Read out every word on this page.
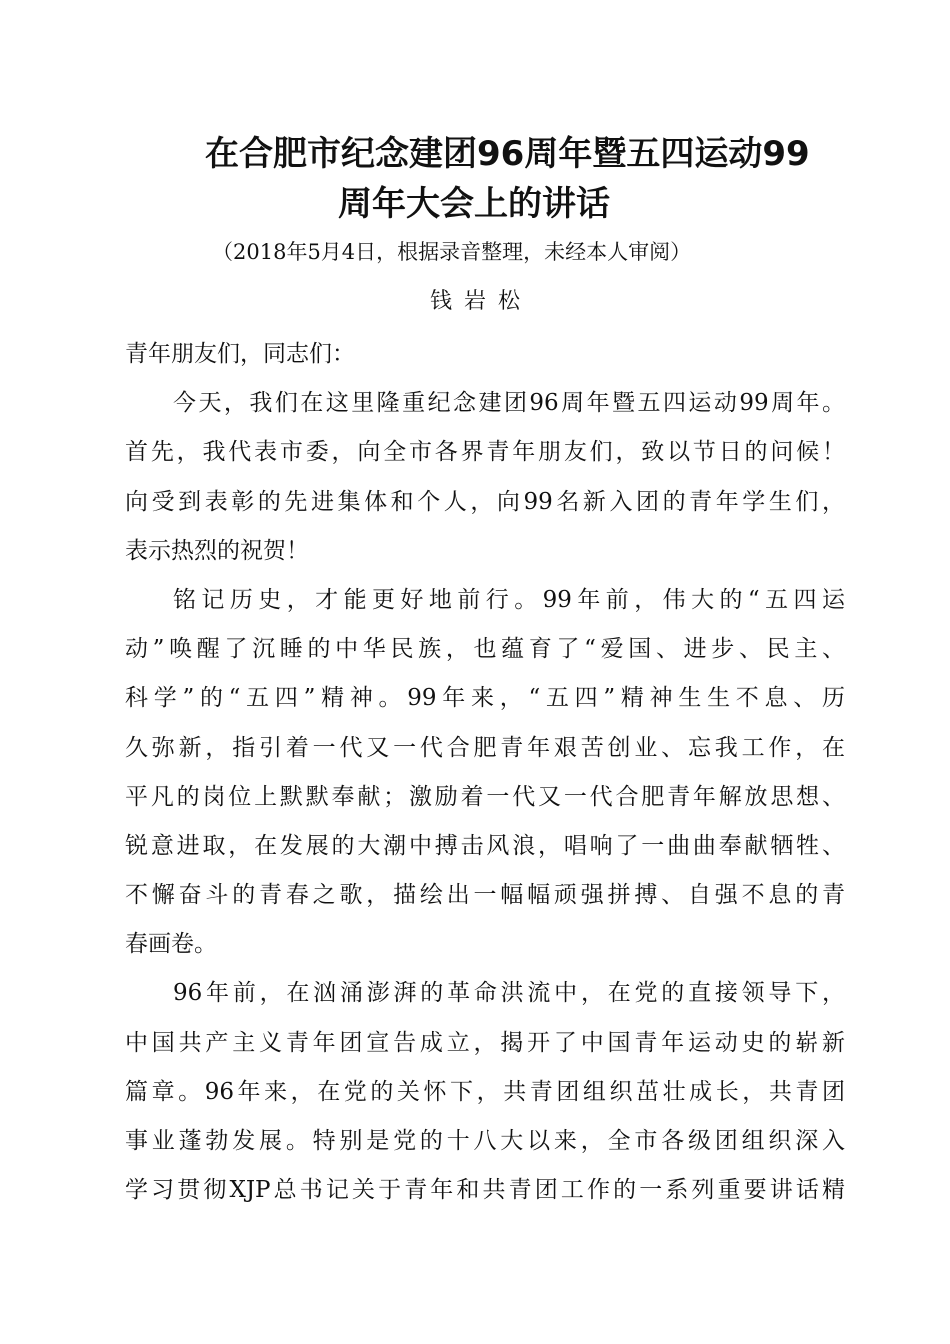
在合肥市纪念建团96周年暨五四运动99
周年大会上的讲话
（2018年5月4日，根据录音整理，未经本人审阅）
钱岩松
青年朋友们，同志们：
今天，我们在这里隆重纪念建团96周年暨五四运动99周年。
首先，我代表市委，向全市各界青年朋友们，致以节日的问候！
向受到表彰的先进集体和个人，向99名新入团的青年学生们，
表示热烈的祝贺！
铭记历史，才能更好地前行。99年前，伟大的“五四运
动”唤醒了沉睡的中华民族，也蕴育了“爱国、进步、民主、
科学”的“五四”精神。99年来，“五四”精神生生不息、历
久弥新，指引着一代又一代合肥青年艰苦创业、忘我工作，在
平凡的岗位上默默奉献；激励着一代又一代合肥青年解放思想、
锐意进取，在发展的大潮中搏击风浪，唱响了一曲曲奉献牺牲、
不懈奋斗的青春之歌，描绘出一幅幅顽强拼搏、自强不息的青
春画卷。
96年前，在汹涌澎湃的革命洪流中，在党的直接领导下，
中国共产主义青年团宣告成立，揭开了中国青年运动史的崭新
篇章。96年来，在党的关怀下，共青团组织茁壮成长，共青团
事业蓬勃发展。特别是党的十八大以来，全市各级团组织深入
学习贯彻XJP总书记关于青年和共青团工作的一系列重要讲话精
